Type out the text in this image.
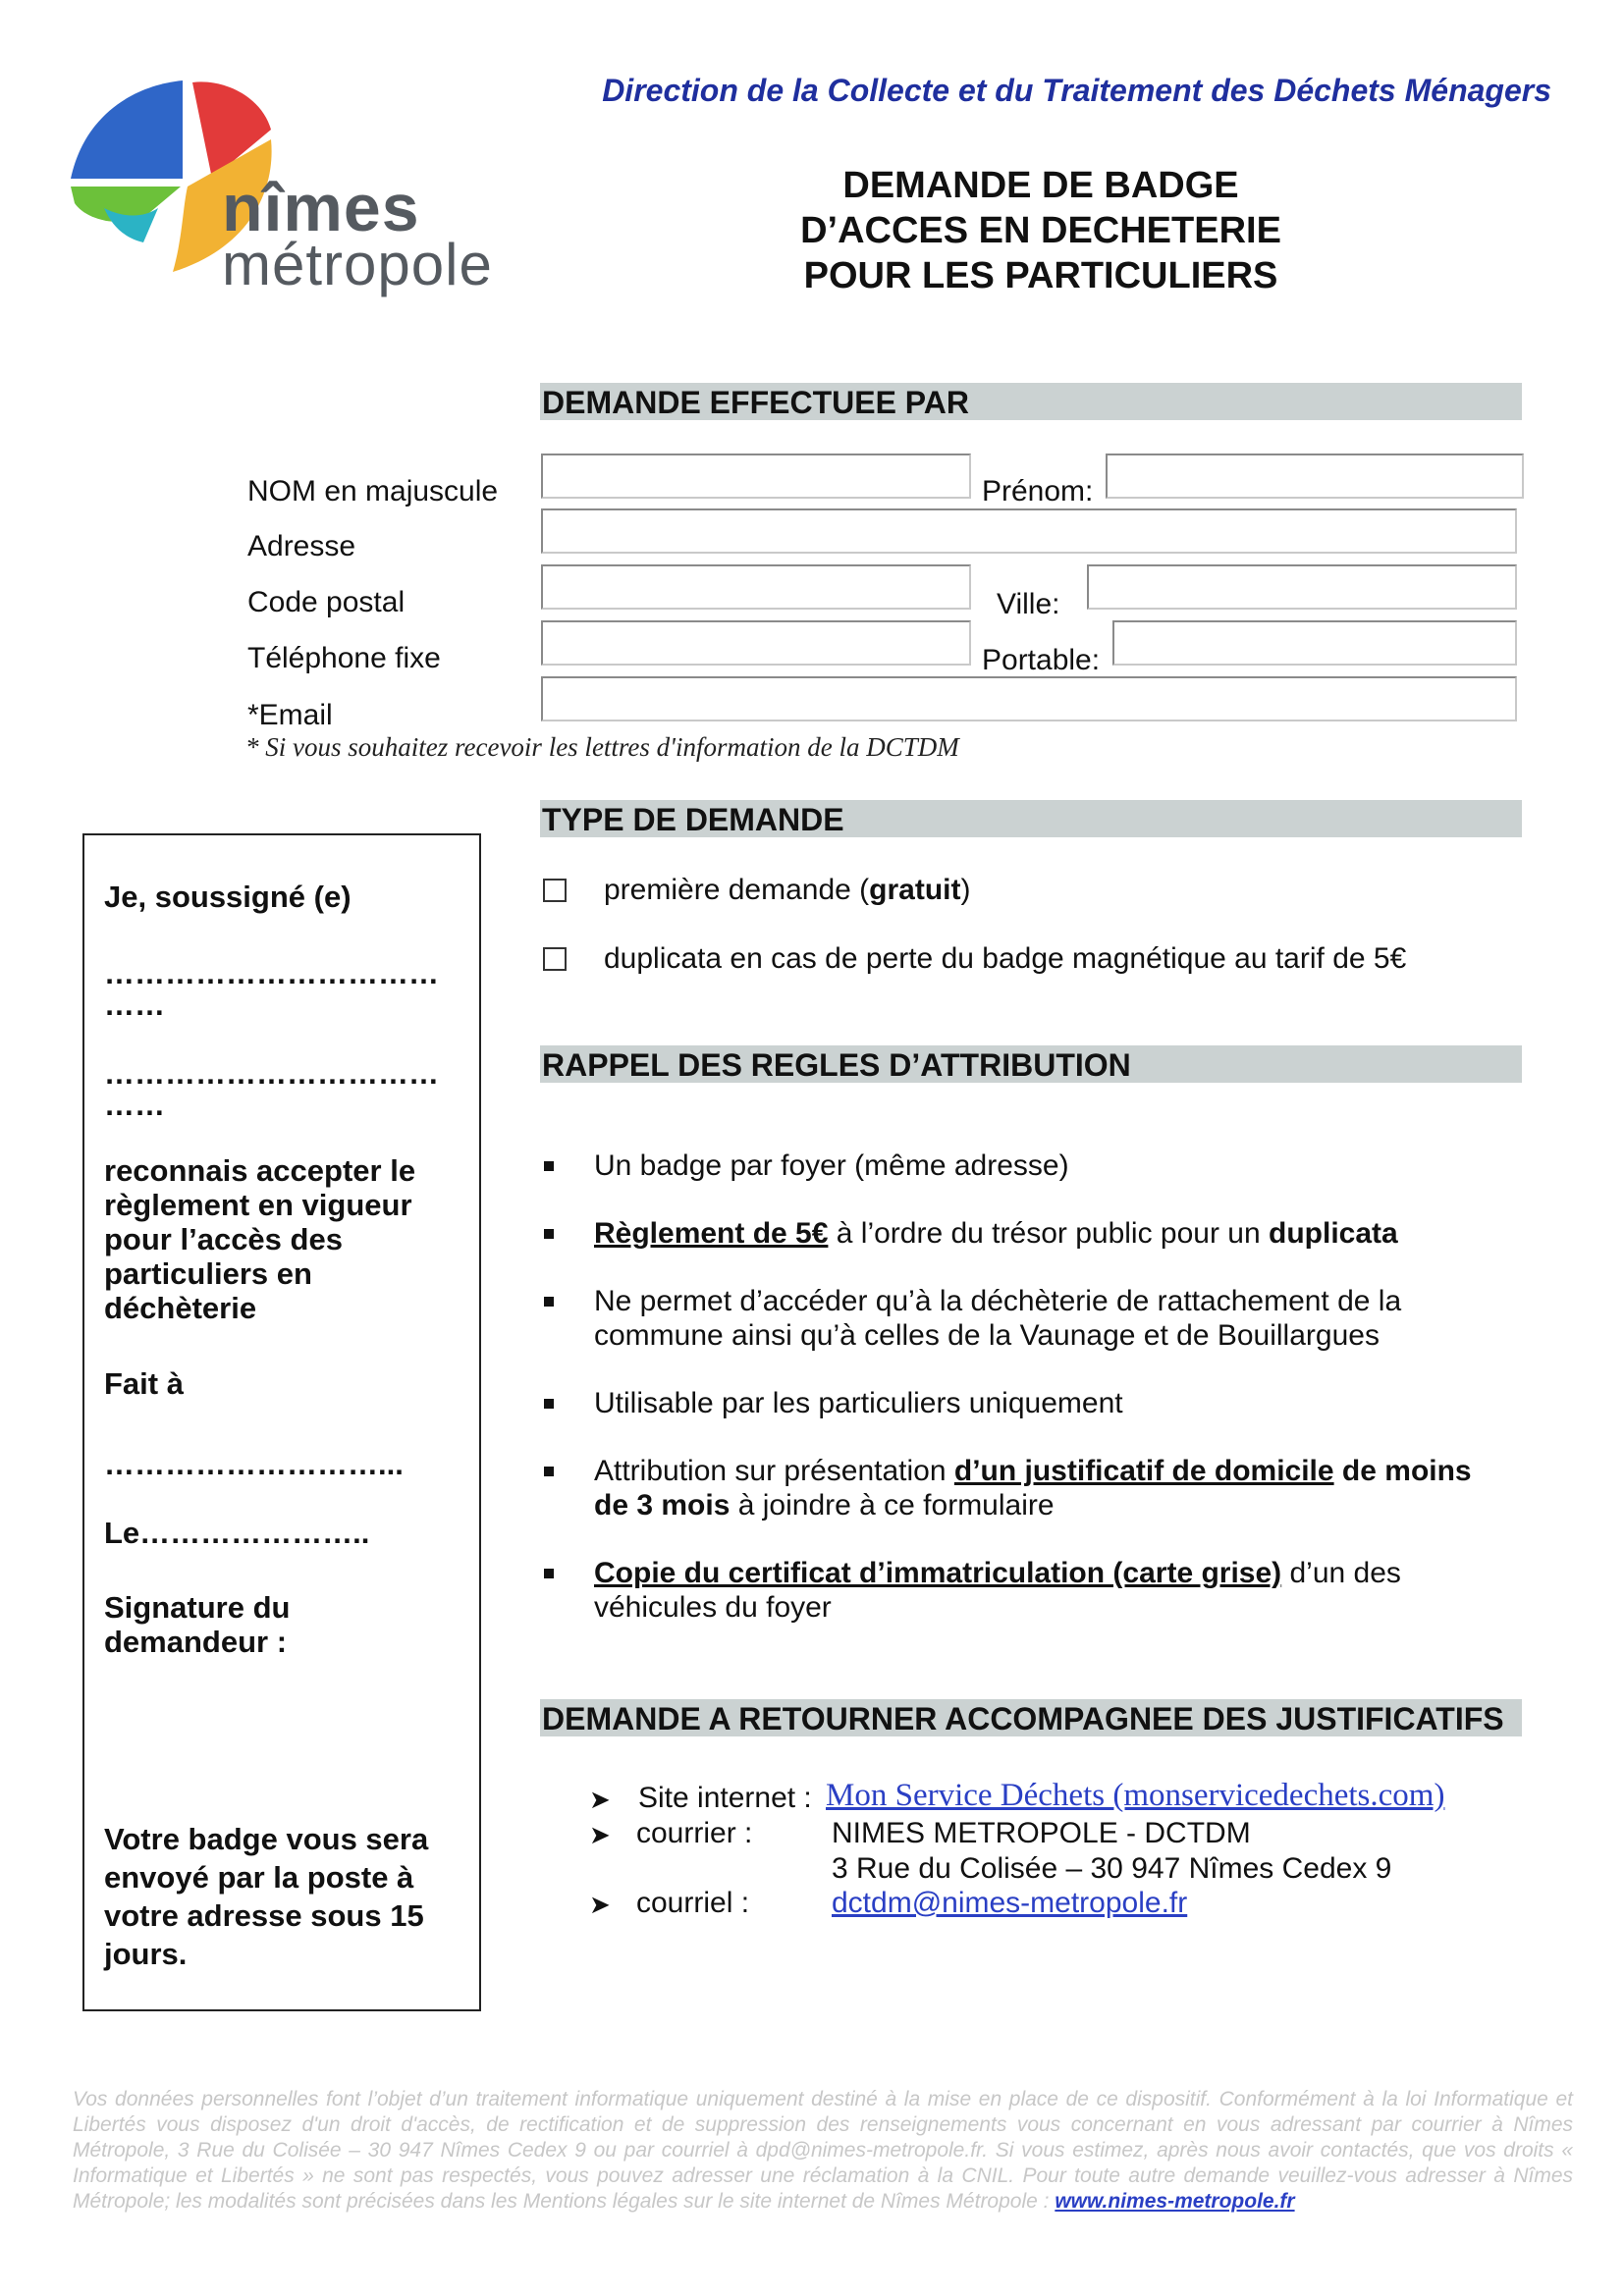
nîmes
métropole
Direction de la Collecte et du Traitement des Déchets Ménagers
DEMANDE DE BADGE
D’ACCES EN DECHETERIE
POUR LES PARTICULIERS
DEMANDE EFFECTUEE PAR
NOM en majuscule	Prénom:
Adresse
Code postal	Ville:
Téléphone fixe	Portable:
*Email
* Si vous souhaitez recevoir les lettres d'information de la DCTDM
Je, soussigné (e)
……………………………
……
……………………………
……
reconnais accepter le
règlement en vigueur
pour l’accès des
particuliers en
déchèterie
Fait à
………………………...
Le…………………..
Signature du
demandeur :
Votre badge vous sera
envoyé par la poste à
votre adresse sous 15
jours.
TYPE DE DEMANDE
première demande (gratuit)
duplicata en cas de perte du badge magnétique au tarif de 5€
RAPPEL DES REGLES D’ATTRIBUTION
Un badge par foyer (même adresse)
Règlement de 5€ à l’ordre du trésor public pour un duplicata
Ne permet d’accéder qu’à la déchèterie de rattachement de la
commune ainsi qu’à celles de la Vaunage et de Bouillargues
Utilisable par les particuliers uniquement
Attribution sur présentation d’un justificatif de domicile de moins
de 3 mois à joindre à ce formulaire
Copie du certificat d’immatriculation (carte grise) d’un des
véhicules du foyer
DEMANDE A RETOURNER ACCOMPAGNEE DES JUSTIFICATIFS
➤ Site internet : Mon Service Déchets (monservicedechets.com)
➤ courrier :	NIMES METROPOLE - DCTDM
3 Rue du Colisée – 30 947 Nîmes Cedex 9
➤ courriel :	dctdm@nimes-metropole.fr
Vos données personnelles font l’objet d’un traitement informatique uniquement destiné à la mise en place de ce dispositif. Conformément à la loi Informatique et Libertés vous disposez d'un droit d'accès, de rectification et de suppression des renseignements vous concernant en vous adressant par courrier à Nîmes Métropole, 3 Rue du Colisée – 30 947 Nîmes Cedex 9 ou par courriel à dpd@nimes-metropole.fr. Si vous estimez, après nous avoir contactés, que vos droits « Informatique et Libertés » ne sont pas respectés, vous pouvez adresser une réclamation à la CNIL. Pour toute autre demande veuillez-vous adresser à Nîmes Métropole; les modalités sont précisées dans les Mentions légales sur le site internet de Nîmes Métropole : www.nimes-metropole.fr
